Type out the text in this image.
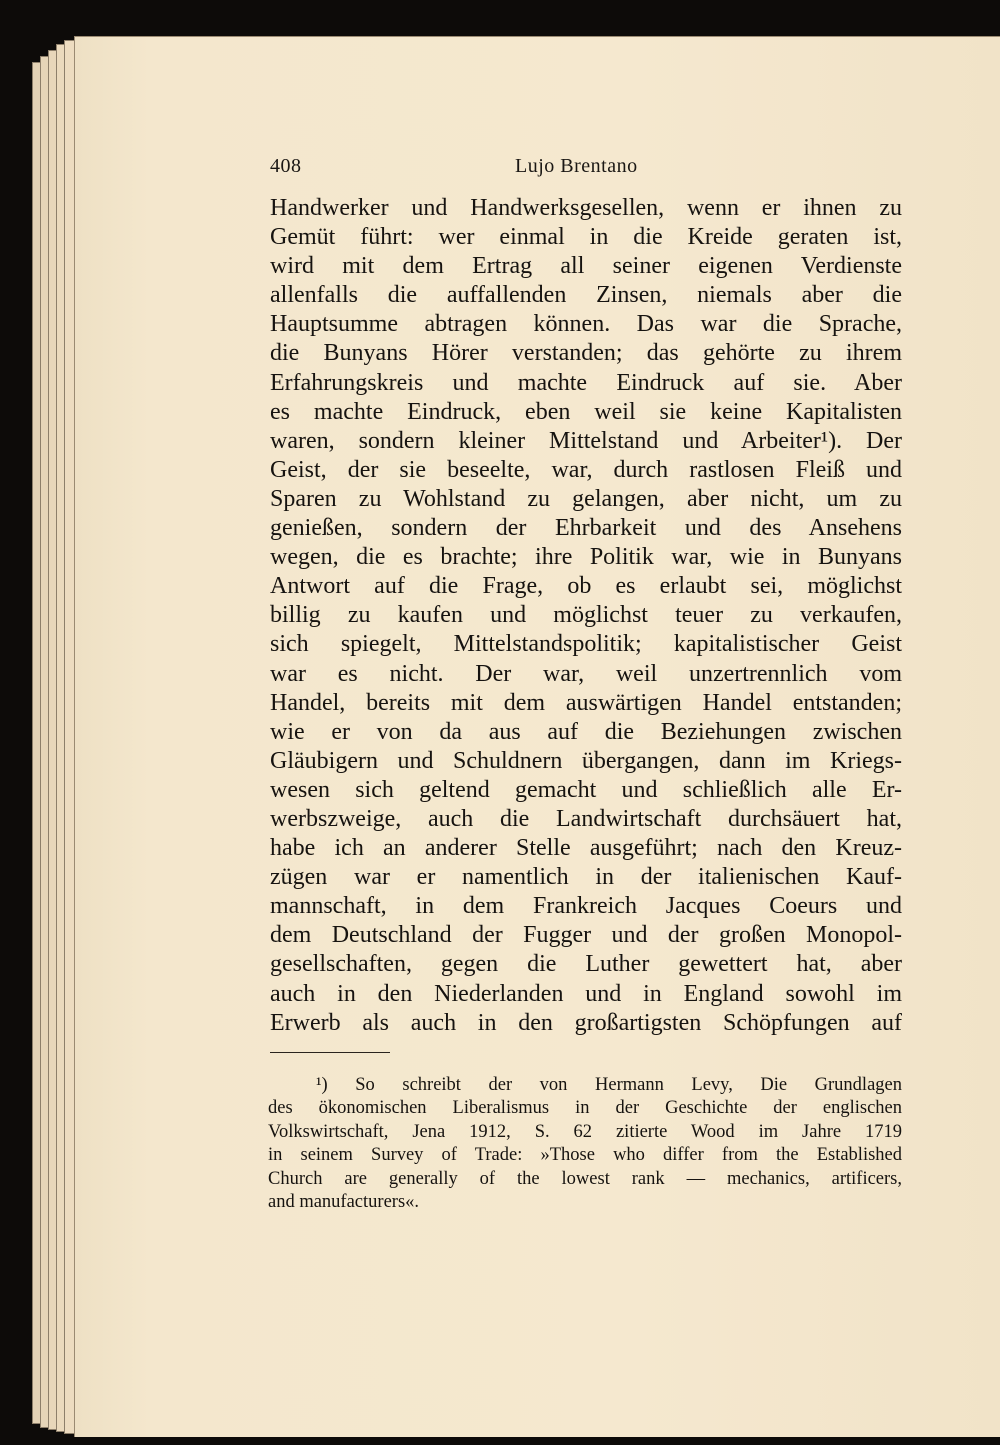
408	Lujo Brentano
Handwerker und Handwerksgesellen, wenn er ihnen zu
Gemüt führt: wer einmal in die Kreide geraten ist,
wird mit dem Ertrag all seiner eigenen Verdienste
allenfalls die auffallenden Zinsen, niemals aber die
Hauptsumme abtragen können. Das war die Sprache,
die Bunyans Hörer verstanden; das gehörte zu ihrem
Erfahrungskreis und machte Eindruck auf sie. Aber
es machte Eindruck, eben weil sie keine Kapitalisten
waren, sondern kleiner Mittelstand und Arbeiter¹). Der
Geist, der sie beseelte, war, durch rastlosen Fleiß und
Sparen zu Wohlstand zu gelangen, aber nicht, um zu
genießen, sondern der Ehrbarkeit und des Ansehens
wegen, die es brachte; ihre Politik war, wie in Bunyans
Antwort auf die Frage, ob es erlaubt sei, möglichst
billig zu kaufen und möglichst teuer zu verkaufen,
sich spiegelt, Mittelstandspolitik; kapitalistischer Geist
war es nicht. Der war, weil unzertrennlich vom
Handel, bereits mit dem auswärtigen Handel entstanden;
wie er von da aus auf die Beziehungen zwischen
Gläubigern und Schuldnern übergangen, dann im Kriegs-
wesen sich geltend gemacht und schließlich alle Er-
werbszweige, auch die Landwirtschaft durchsäuert hat,
habe ich an anderer Stelle ausgeführt; nach den Kreuz-
zügen war er namentlich in der italienischen Kauf-
mannschaft, in dem Frankreich Jacques Coeurs und
dem Deutschland der Fugger und der großen Monopol-
gesellschaften, gegen die Luther gewettert hat, aber
auch in den Niederlanden und in England sowohl im
Erwerb als auch in den großartigsten Schöpfungen auf
¹) So schreibt der von Hermann Levy, Die Grundlagen
des ökonomischen Liberalismus in der Geschichte der englischen
Volkswirtschaft, Jena 1912, S. 62 zitierte Wood im Jahre 1719
in seinem Survey of Trade: »Those who differ from the Established
Church are generally of the lowest rank — mechanics, artificers,
and manufacturers«.
